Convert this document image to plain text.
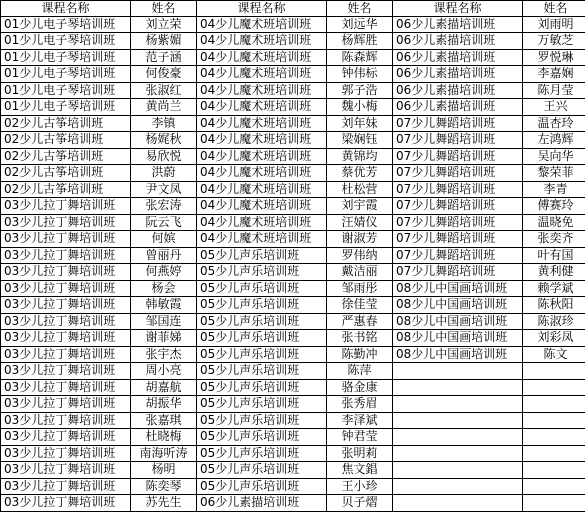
课程名称	姓名
01少儿电子琴培训班	刘立荣
01少儿电子琴培训班	杨紫媚
01少儿电子琴培训班	范子涵
01少儿电子琴培训班	何俊豪
01少儿电子琴培训班	张淑红
01少儿电子琴培训班	黄尚兰
02少儿古筝培训班	李镇
02少儿古筝培训班	杨娓秋
02少儿古筝培训班	易欣悦
02少儿古筝培训班	洪蔚
02少儿古筝培训班	尹文凤
03少儿拉丁舞培训班	张宏涛
03少儿拉丁舞培训班	阮云飞
03少儿拉丁舞培训班	何嫔
03少儿拉丁舞培训班	曾丽丹
03少儿拉丁舞培训班	何燕婷
03少儿拉丁舞培训班	杨会
03少儿拉丁舞培训班	韩敏霞
03少儿拉丁舞培训班	邹国连
03少儿拉丁舞培训班	谢菲娣
03少儿拉丁舞培训班	张宇杰
03少儿拉丁舞培训班	周小亮
03少儿拉丁舞培训班	胡嘉航
03少儿拉丁舞培训班	胡振华
03少儿拉丁舞培训班	张嘉琪
03少儿拉丁舞培训班	杜晓梅
03少儿拉丁舞培训班	南海听涛
03少儿拉丁舞培训班	杨明
03少儿拉丁舞培训班	陈奕琴
03少儿拉丁舞培训班	苏先生
课程名称	姓名
04少儿魔术班培训班	刘远华
04少儿魔术班培训班	杨辉胜
04少儿魔术班培训班	陈森辉
04少儿魔术班培训班	钟伟标
04少儿魔术班培训班	郭子浩
04少儿魔术班培训班	魏小梅
04少儿魔术班培训班	刘年妹
04少儿魔术班培训班	梁娴钰
04少儿魔术班培训班	黄锦均
04少儿魔术班培训班	蔡优芳
04少儿魔术班培训班	杜松营
04少儿魔术班培训班	刘宇霞
04少儿魔术班培训班	汪婧仪
04少儿魔术班培训班	谢淑芳
05少儿声乐培训班	罗伟纳
05少儿声乐培训班	戴洁丽
05少儿声乐培训班	邹雨彤
05少儿声乐培训班	徐佳莹
05少儿声乐培训班	严惠春
05少儿声乐培训班	张书铭
05少儿声乐培训班	陈勤冲
05少儿声乐培训班	陈萍
05少儿声乐培训班	骆金康
05少儿声乐培训班	张秀眉
05少儿声乐培训班	李泽斌
05少儿声乐培训班	钟君莹
05少儿声乐培训班	张明莉
05少儿声乐培训班	焦文錩
05少儿声乐培训班	王小珍
06少儿素描培训班	贝子熠
课程名称	姓名
06少儿素描培训班	刘雨明
06少儿素描培训班	万敏芝
06少儿素描培训班	罗悦琳
06少儿素描培训班	李嘉娴
06少儿素描培训班	陈月莹
06少儿素描培训班	王兴
07少儿舞蹈培训班	温杏玲
07少儿舞蹈培训班	左鸿辉
07少儿舞蹈培训班	吴向华
07少儿舞蹈培训班	黎荣菲
07少儿舞蹈培训班	李青
07少儿舞蹈培训班	傅赛玲
07少儿舞蹈培训班	温晓免
07少儿舞蹈培训班	张奕齐
07少儿舞蹈培训班	叶有国
07少儿舞蹈培训班	黄利健
08少儿中国画培训班	赖学斌
08少儿中国画培训班	陈秋阳
08少儿中国画培训班	陈淑珍
08少儿中国画培训班	刘彩凤
08少儿中国画培训班	陈文
